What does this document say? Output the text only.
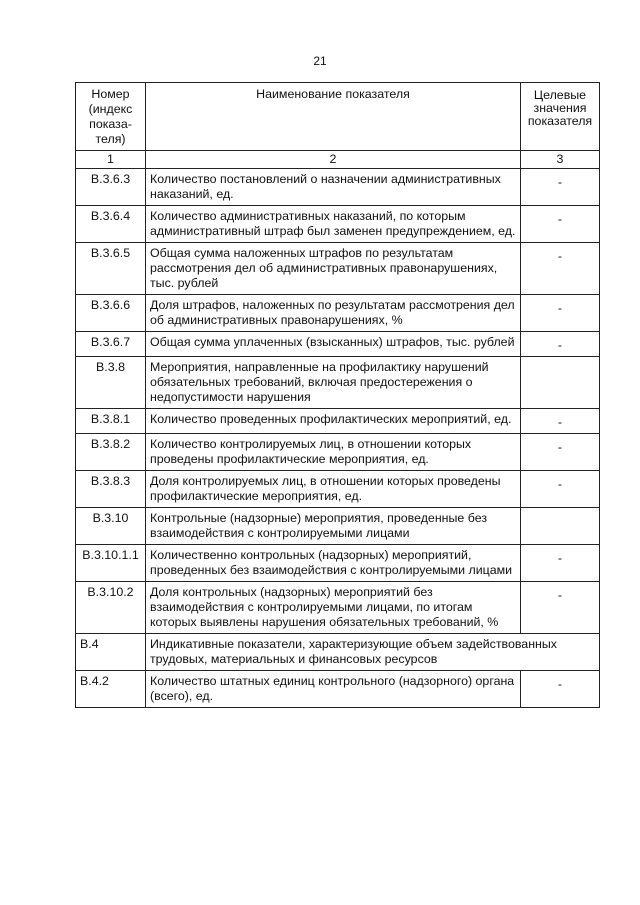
21
Номер (индекс показа-теля)	Наименование показателя	Целевые значения показателя
1	2	3
В.3.6.3	Количество постановлений о назначении административных наказаний, ед.	-
В.3.6.4	Количество административных наказаний, по которым административный штраф был заменен предупреждением, ед.	-
В.3.6.5	Общая сумма наложенных штрафов по результатам рассмотрения дел об административных правонарушениях, тыс. рублей	-
В.3.6.6	Доля штрафов, наложенных по результатам рассмотрения дел об административных правонарушениях, %	-
В.3.6.7	Общая сумма уплаченных (взысканных) штрафов, тыс. рублей	-
В.3.8	Мероприятия, направленные на профилактику нарушений обязательных требований, включая предостережения о недопустимости нарушения	
В.3.8.1	Количество проведенных профилактических мероприятий, ед.	-
В.3.8.2	Количество контролируемых лиц, в отношении которых проведены профилактические мероприятия, ед.	-
В.3.8.3	Доля контролируемых лиц, в отношении которых проведены профилактические мероприятия, ед.	-
В.3.10	Контрольные (надзорные) мероприятия, проведенные без взаимодействия с контролируемыми лицами	
В.3.10.1.1	Количественно контрольных (надзорных) мероприятий, проведенных без взаимодействия с контролируемыми лицами	-
В.3.10.2	Доля контрольных (надзорных) мероприятий без взаимодействия с контролируемыми лицами, по итогам которых выявлены нарушения обязательных требований, %	-
В.4	Индикативные показатели, характеризующие объем задействованных трудовых, материальных и финансовых ресурсов	
В.4.2	Количество штатных единиц контрольного (надзорного) органа (всего), ед.	-
